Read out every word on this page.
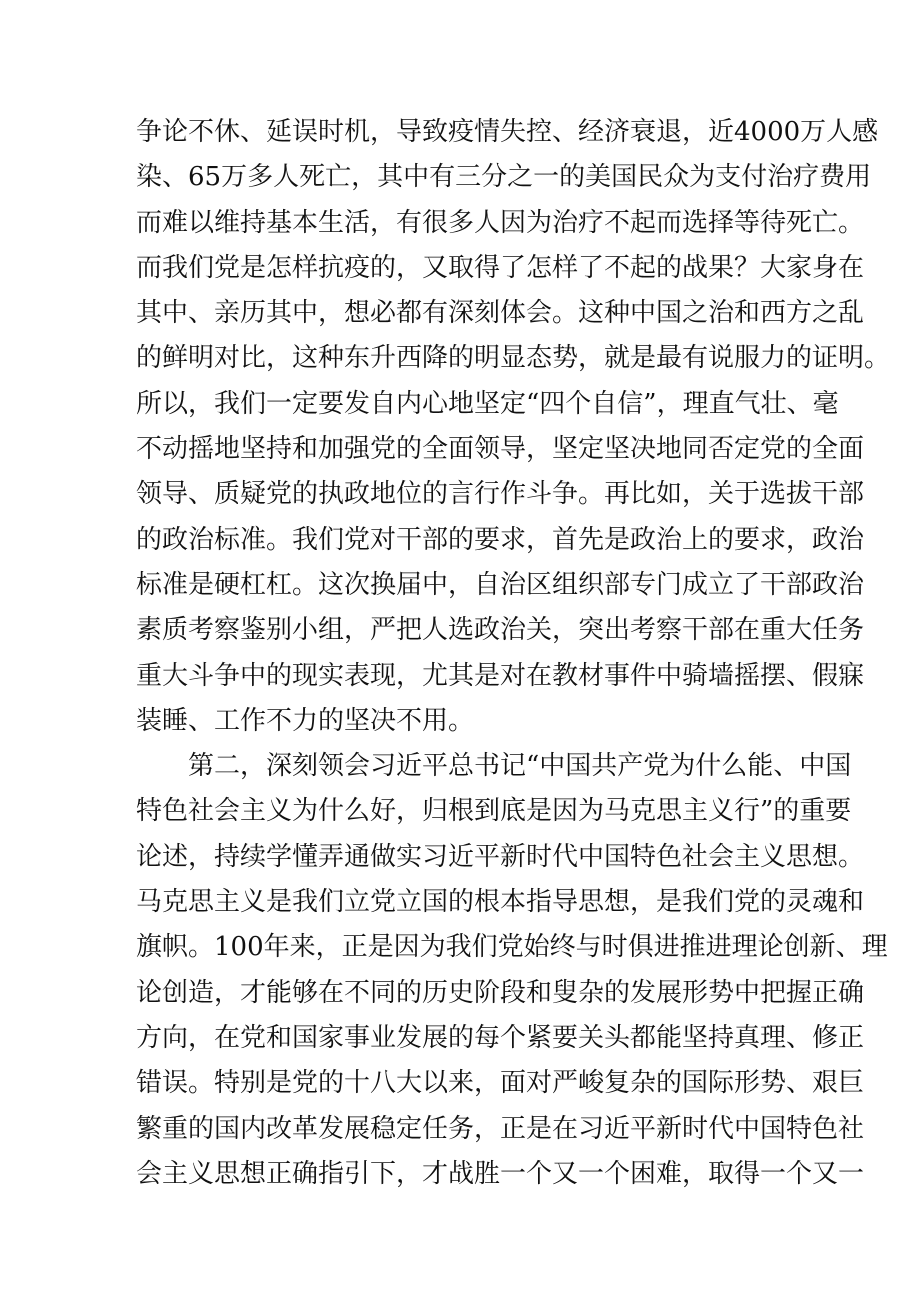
争论不休、延误时机，导致疫情失控、经济衰退，近4000万人感
染、65万多人死亡，其中有三分之一的美国民众为支付治疗费用
而难以维持基本生活，有很多人因为治疗不起而选择等待死亡。
而我们党是怎样抗疫的，又取得了怎样了不起的战果？大家身在
其中、亲历其中，想必都有深刻体会。这种中国之治和西方之乱
的鲜明对比，这种东升西降的明显态势，就是最有说服力的证明。
所以，我们一定要发自内心地坚定“四个自信”，理直气壮、毫
不动摇地坚持和加强党的全面领导，坚定坚决地同否定党的全面
领导、质疑党的执政地位的言行作斗争。再比如，关于选拔干部
的政治标准。我们党对干部的要求，首先是政治上的要求，政治
标准是硬杠杠。这次换届中，自治区组织部专门成立了干部政治
素质考察鉴别小组，严把人选政治关，突出考察干部在重大任务
重大斗争中的现实表现，尤其是对在教材事件中骑墙摇摆、假寐
装睡、工作不力的坚决不用。
第二，深刻领会习近平总书记“中国共产党为什么能、中国
特色社会主义为什么好，归根到底是因为马克思主义行”的重要
论述，持续学懂弄通做实习近平新时代中国特色社会主义思想。
马克思主义是我们立党立国的根本指导思想，是我们党的灵魂和
旗帜。100年来，正是因为我们党始终与时俱进推进理论创新、理
论创造，才能够在不同的历史阶段和叟杂的发展形势中把握正确
方向，在党和国家事业发展的每个紧要关头都能坚持真理、修正
错误。特别是党的十八大以来，面对严峻复杂的国际形势、艰巨
繁重的国内改革发展稳定任务，正是在习近平新时代中国特色社
会主义思想正确指引下，才战胜一个又一个困难，取得一个又一
